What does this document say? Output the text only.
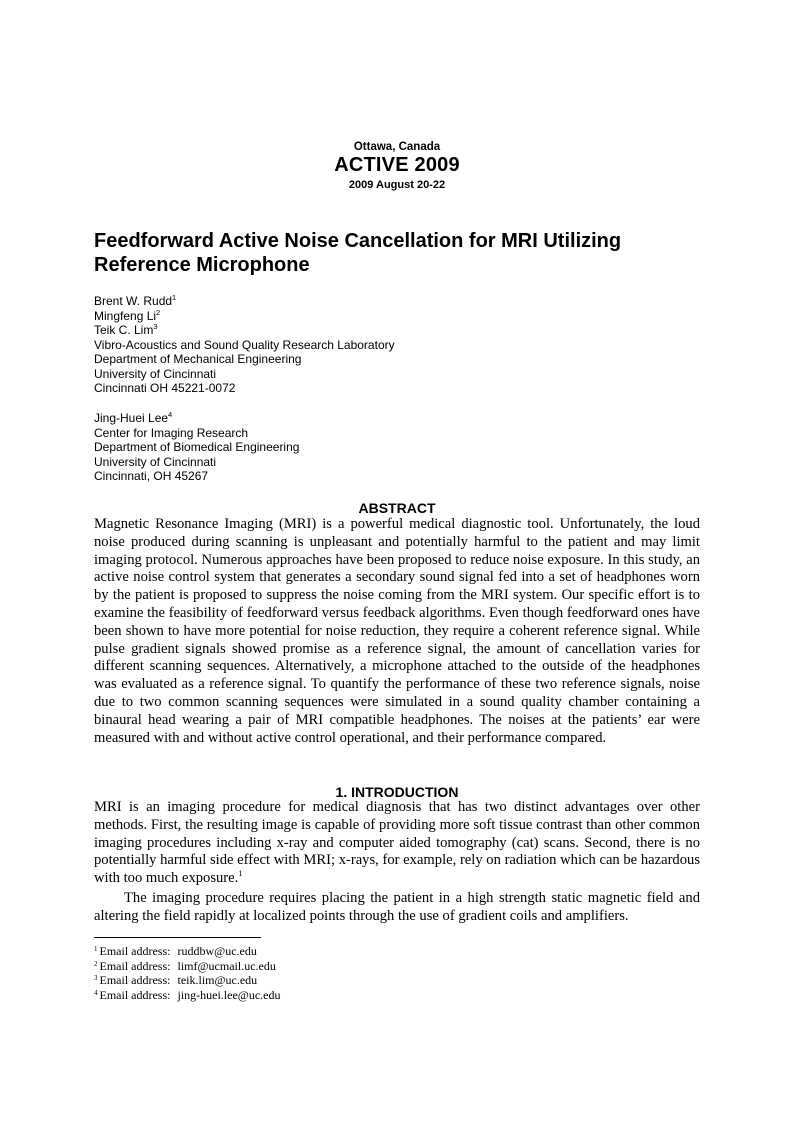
Ottawa, Canada
ACTIVE 2009
2009 August 20-22
Feedforward Active Noise Cancellation for MRI Utilizing Reference Microphone
Brent W. Rudd$^1$
Mingfeng Li$^2$
Teik C. Lim$^3$
Vibro-Acoustics and Sound Quality Research Laboratory
Department of Mechanical Engineering
University of Cincinnati
Cincinnati OH 45221-0072
Jing-Huei Lee$^4$
Center for Imaging Research
Department of Biomedical Engineering
University of Cincinnati
Cincinnati, OH 45267
ABSTRACT

Magnetic Resonance Imaging (MRI) is a powerful medical diagnostic tool. Unfortunately, the loud noise produced during scanning is unpleasant and potentially harmful to the patient and may limit imaging protocol. Numerous approaches have been proposed to reduce noise exposure. In this study, an active noise control system that generates a secondary sound signal fed into a set of headphones worn by the patient is proposed to suppress the noise coming from the MRI system. Our specific effort is to examine the feasibility of feedforward versus feedback algorithms. Even though feedforward ones have been shown to have more potential for noise reduction, they require a coherent reference signal. While pulse gradient signals showed promise as a reference signal, the amount of cancellation varies for different scanning sequences. Alternatively, a microphone attached to the outside of the headphones was evaluated as a reference signal. To quantify the performance of these two reference signals, noise due to two common scanning sequences were simulated in a sound quality chamber containing a binaural head wearing a pair of MRI compatible headphones. The noises at the patients’ ear were measured with and without active control operational, and their performance compared.

1. INTRODUCTION

MRI is an imaging procedure for medical diagnosis that has two distinct advantages over other methods. First, the resulting image is capable of providing more soft tissue contrast than other common imaging procedures including x-ray and computer aided tomography (cat) scans. Second, there is no potentially harmful side effect with MRI; x-rays, for example, rely on radiation which can be hazardous with too much exposure.$^1$

The imaging procedure requires placing the patient in a high strength static magnetic field and altering the field rapidly at localized points through the use of gradient coils and amplifiers.

$^1$ Email address: ruddbw@uc.edu
$^2$ Email address: limf@ucmail.uc.edu
$^3$ Email address: teik.lim@uc.edu
$^4$ Email address: jing-huei.lee@uc.edu
